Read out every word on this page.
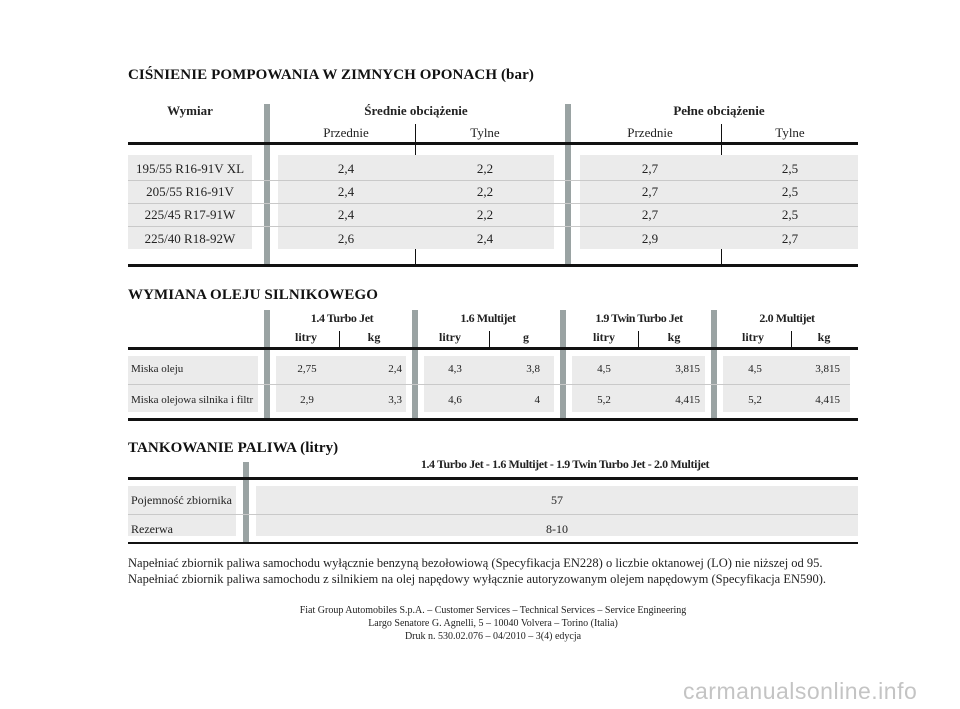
CIŚNIENIE POMPOWANIA W ZIMNYCH OPONACH (bar)
Wymiar	Średnie obciążenie	Pełne obciążenie
Przednie	Tylne	Przednie	Tylne
195/55 R16-91V XL	2,4	2,2	2,7	2,5
205/55 R16-91V	2,4	2,2	2,7	2,5
225/45 R17-91W	2,4	2,2	2,7	2,5
225/40 R18-92W	2,6	2,4	2,9	2,7
WYMIANA OLEJU SILNIKOWEGO
1.4 Turbo Jet	1.6 Multijet	1.9 Twin Turbo Jet	2.0 Multijet
litry	kg	litry	g	litry	kg	litry	kg
Miska oleju	2,75	2,4	4,3	3,8	4,5	3,815	4,5	3,815
Miska olejowa silnika i filtr	2,9	3,3	4,6	4	5,2	4,415	5,2	4,415
TANKOWANIE PALIWA (litry)
1.4 Turbo Jet - 1.6 Multijet - 1.9 Twin Turbo Jet - 2.0 Multijet
Pojemność zbiornika	57
Rezerwa	8-10
Napełniać zbiornik paliwa samochodu wyłącznie benzyną bezołowiową (Specyfikacja EN228) o liczbie oktanowej (LO) nie niższej od 95.
Napełniać zbiornik paliwa samochodu z silnikiem na olej napędowy wyłącznie autoryzowanym olejem napędowym (Specyfikacja EN590).
Fiat Group Automobiles S.p.A. – Customer Services – Technical Services – Service Engineering
Largo Senatore G. Agnelli, 5 – 10040 Volvera – Torino (Italia)
Druk n. 530.02.076 – 04/2010 – 3(4) edycja
carmanualsonline.info
